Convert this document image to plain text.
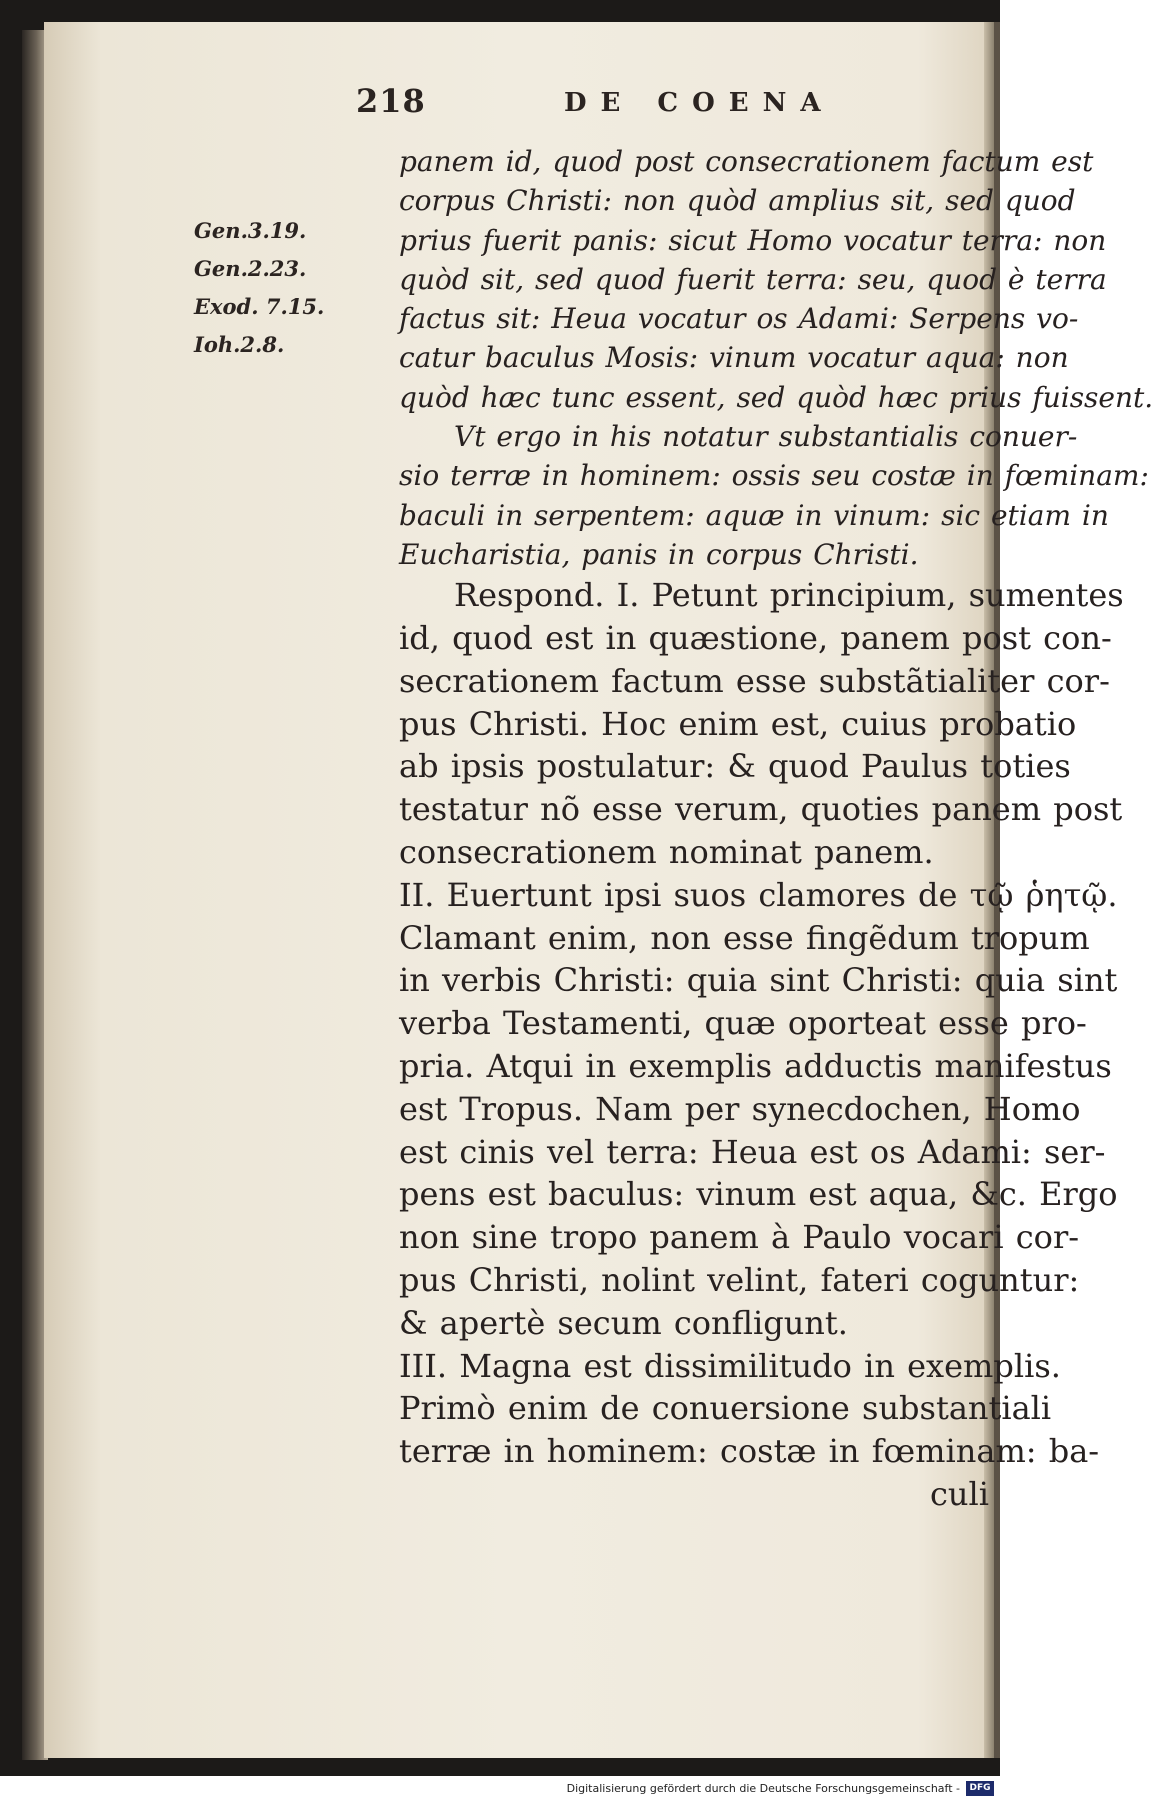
218	DE COENA
Gen.3.19.
Gen.2.23.
Exod. 7.15.
Ioh.2.8.
panem id, quod post consecrationem factum est
corpus Christi: non quòd amplius sit, sed quod
prius fuerit panis: sicut Homo vocatur terra: non
quòd sit, sed quod fuerit terra: seu, quod è terra
factus sit: Heua vocatur os Adami: Serpens vo-
catur baculus Mosis: vinum vocatur aqua: non
quòd hæc tunc essent, sed quòd hæc prius fuissent.
Vt ergo in his notatur substantialis conuer-
sio terræ in hominem: ossis seu costæ in fœminam:
baculi in serpentem: aquæ in vinum: sic etiam in
Eucharistia, panis in corpus Christi.
Respond. I. Petunt principium, sumentes
id, quod est in quæstione, panem post con-
secrationem factum esse substãtialiter cor-
pus Christi. Hoc enim est, cuius probatio
ab ipsis postulatur: & quod Paulus toties
testatur nõ esse verum, quoties panem post
consecrationem nominat panem.
II. Euertunt ipsi suos clamores de τῷ ῥητῷ.
Clamant enim, non esse fingẽdum tropum
in verbis Christi: quia sint Christi: quia sint
verba Testamenti, quæ oporteat esse pro-
pria. Atqui in exemplis adductis manifestus
est Tropus. Nam per synecdochen, Homo
est cinis vel terra: Heua est os Adami: ser-
pens est baculus: vinum est aqua, &c. Ergo
non sine tropo panem à Paulo vocari cor-
pus Christi, nolint velint, fateri coguntur:
& apertè secum confligunt.
III. Magna est dissimilitudo in exemplis.
Primò enim de conuersione substantiali
terræ in hominem: costæ in fœminam: ba-
culi
Digitalisierung gefördert durch die Deutsche Forschungsgemeinschaft -	DFG
